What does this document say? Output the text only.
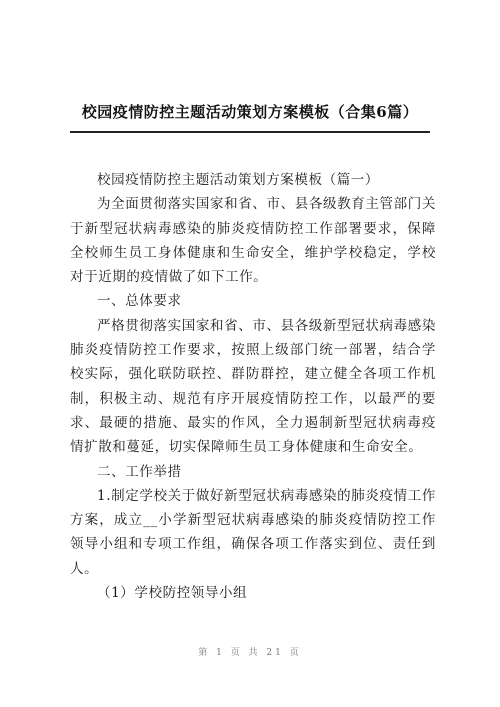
校园疫情防控主题活动策划方案模板（合集6篇）

校园疫情防控主题活动策划方案模板（篇一）

为全面贯彻落实国家和省、市、县各级教育主管部门关于新型冠状病毒感染的肺炎疫情防控工作部署要求，保障全校师生员工身体健康和生命安全，维护学校稳定，学校对于近期的疫情做了如下工作。

一、总体要求

严格贯彻落实国家和省、市、县各级新型冠状病毒感染肺炎疫情防控工作要求，按照上级部门统一部署，结合学校实际，强化联防联控、群防群控，建立健全各项工作机制，积极主动、规范有序开展疫情防控工作，以最严的要求、最硬的措施、最实的作风，全力遏制新型冠状病毒疫情扩散和蔓延，切实保障师生员工身体健康和生命安全。

二、工作举措

1.制定学校关于做好新型冠状病毒感染的肺炎疫情工作方案，成立__小学新型冠状病毒感染的肺炎疫情防控工作领导小组和专项工作组，确保各项工作落实到位、责任到人。

（1）学校防控领导小组

第 1 页 共 21 页
